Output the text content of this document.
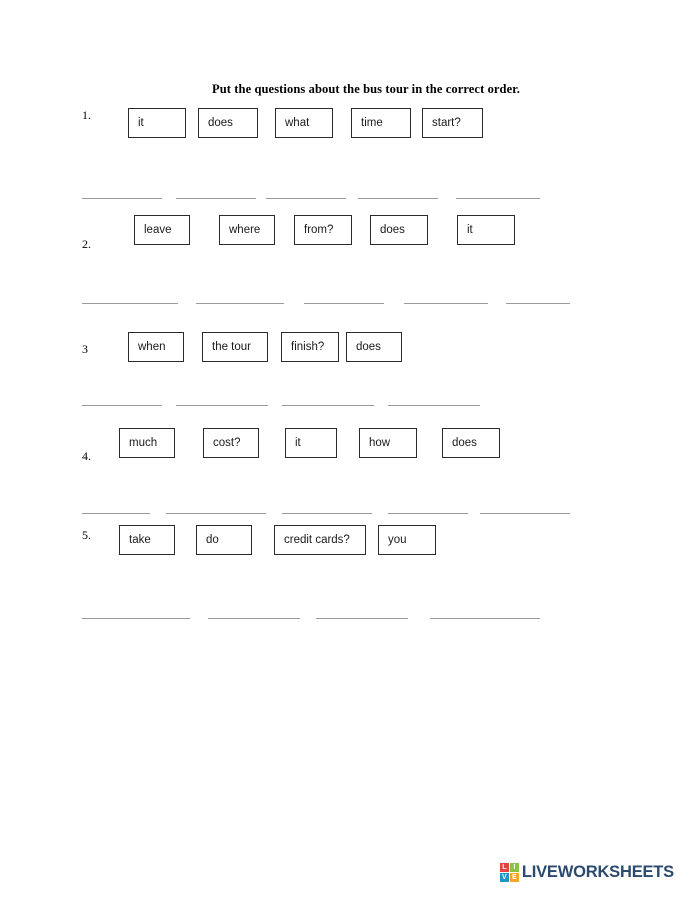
Put the questions about the bus tour in the correct order.
1.
it	does	what	time	start?
2.
leave	where	from?	does	it
3	when	the tour	finish?	does
4.
much	cost?	it	how	does
5.	take	do	credit cards?	you
L I
V E LIVEWORKSHEETS
